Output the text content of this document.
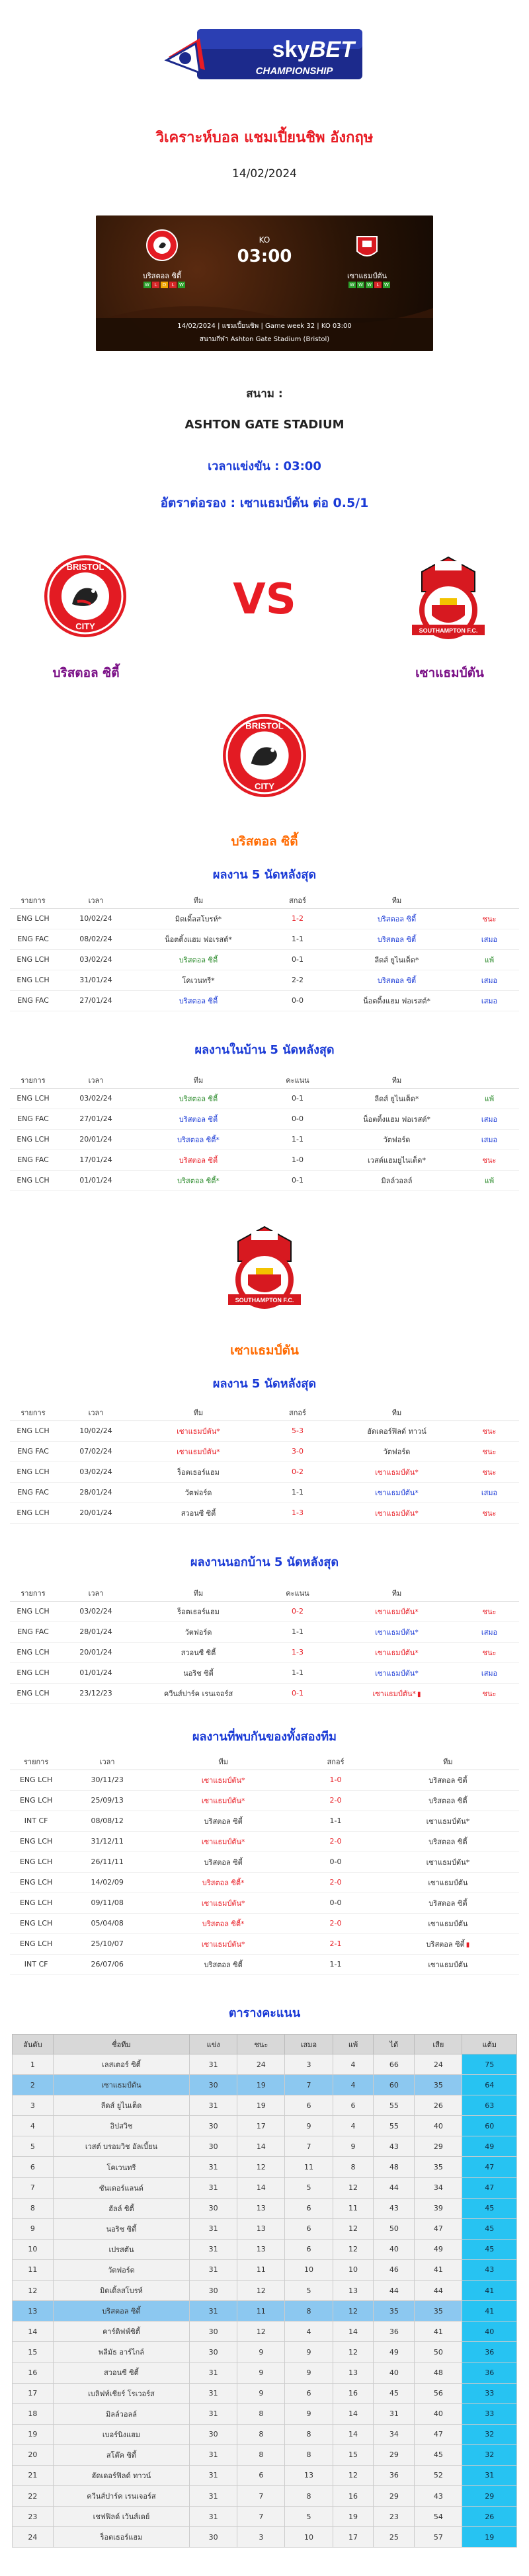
sky BET
CHAMPIONSHIP
วิเคราะห์บอล แชมเปี้ยนชิพ อังกฤษ
14/02/2024
KO
03:00
บริสตอล ซิตี้	เซาแธมป์ตัน
W	L	D	L	W	W W W	L	W
14/02/2024 | แชมเปี้ยนชิพ | Game week 32 | KO 03:00
สนามกีฬา Ashton Gate Stadium (Bristol)
สนาม :
ASHTON GATE STADIUM
เวลาแข่งขัน : 03:00
อัตราต่อรอง : เซาแธมป์ตัน ต่อ 0.5/1
BRISTOL
CITY
VS
SOUTHAMPTON F.C.
บริสตอล ซิตี้	เซาแธมป์ตัน
BRISTOL
CITY
บริสตอล ซิตี้
ผลงาน 5 นัดหลังสุด
รายการ	เวลา	ทีม	สกอร์	ทีม	
ENG LCH	10/02/24	มิดเดิ้ลสโบรห์*	1-2	บริสตอล ซิตี้	ชนะ
ENG FAC	08/02/24	น็อตติ้งแฮม ฟอเรสต์*	1-1	บริสตอล ซิตี้	เสมอ
ENG LCH	03/02/24	บริสตอล ซิตี้	0-1	ลีดส์ ยูไนเต็ด*	แพ้
ENG LCH	31/01/24	โคเวนทรี*	2-2	บริสตอล ซิตี้	เสมอ
ENG FAC	27/01/24	บริสตอล ซิตี้	0-0	น็อตติ้งแฮม ฟอเรสต์*	เสมอ
ผลงานในบ้าน 5 นัดหลังสุด
รายการ	เวลา	ทีม	คะแนน	ทีม	
ENG LCH	03/02/24	บริสตอล ซิตี้	0-1	ลีดส์ ยูไนเต็ด*	แพ้
ENG FAC	27/01/24	บริสตอล ซิตี้	0-0	น็อตติ้งแฮม ฟอเรสต์*	เสมอ
ENG LCH	20/01/24	บริสตอล ซิตี้*	1-1	วัตฟอร์ด	เสมอ
ENG FAC	17/01/24	บริสตอล ซิตี้	1-0	เวสต์แฮมยูไนเต็ด*	ชนะ
ENG LCH	01/01/24	บริสตอล ซิตี้*	0-1	มิลล์วอลล์	แพ้
SOUTHAMPTON F.C.
เซาแธมป์ตัน
ผลงาน 5 นัดหลังสุด
รายการ	เวลา	ทีม	สกอร์	ทีม	
ENG LCH	10/02/24	เซาแธมป์ตัน*	5-3	ฮัดเดอร์ฟิลด์ ทาวน์	ชนะ
ENG FAC	07/02/24	เซาแธมป์ตัน*	3-0	วัตฟอร์ด	ชนะ
ENG LCH	03/02/24	ร็อตเธอร์แฮม	0-2	เซาแธมป์ตัน*	ชนะ
ENG FAC	28/01/24	วัตฟอร์ด	1-1	เซาแธมป์ตัน*	เสมอ
ENG LCH	20/01/24	สวอนซี ซิตี้	1-3	เซาแธมป์ตัน*	ชนะ
ผลงานนอกบ้าน 5 นัดหลังสุด
รายการ	เวลา	ทีม	คะแนน	ทีม	
ENG LCH	03/02/24	ร็อตเธอร์แฮม	0-2	เซาแธมป์ตัน*	ชนะ
ENG FAC	28/01/24	วัตฟอร์ด	1-1	เซาแธมป์ตัน*	เสมอ
ENG LCH	20/01/24	สวอนซี ซิตี้	1-3	เซาแธมป์ตัน*	ชนะ
ENG LCH	01/01/24	นอริช ซิตี้	1-1	เซาแธมป์ตัน*	เสมอ
ENG LCH	23/12/23	ควีนส์ปาร์ค เรนเจอร์ส	0-1	เซาแธมป์ตัน* ▮	ชนะ
ผลงานที่พบกันของทั้งสองทีม
รายการ	เวลา	ทีม	สกอร์	ทีม
ENG LCH	30/11/23	เซาแธมป์ตัน*	1-0	บริสตอล ซิตี้
ENG LCH	25/09/13	เซาแธมป์ตัน*	2-0	บริสตอล ซิตี้
INT CF	08/08/12	บริสตอล ซิตี้	1-1	เซาแธมป์ตัน*
ENG LCH	31/12/11	เซาแธมป์ตัน*	2-0	บริสตอล ซิตี้
ENG LCH	26/11/11	บริสตอล ซิตี้	0-0	เซาแธมป์ตัน*
ENG LCH	14/02/09	บริสตอล ซิตี้*	2-0	เซาแธมป์ตัน
ENG LCH	09/11/08	เซาแธมป์ตัน*	0-0	บริสตอล ซิตี้
ENG LCH	05/04/08	บริสตอล ซิตี้*	2-0	เซาแธมป์ตัน
ENG LCH	25/10/07	เซาแธมป์ตัน*	2-1	บริสตอล ซิตี้ ▮
INT CF	26/07/06	บริสตอล ซิตี้	1-1	เซาแธมป์ตัน
ตารางคะแนน
อันดับ	ชื่อทีม	แข่ง	ชนะ	เสมอ	แพ้	ได้	เสีย	แต้ม
1	เลสเตอร์ ซิตี้	31	24	3	4	66	24	75
2	เซาแธมป์ตัน	30	19	7	4	60	35	64
3	ลีดส์ ยูไนเต็ด	31	19	6	6	55	26	63
4	อิปสวิช	30	17	9	4	55	40	60
5	เวสต์ บรอมวิช อัลเบี้ยน	30	14	7	9	43	29	49
6	โคเวนทรี	31	12	11	8	48	35	47
7	ซันเดอร์แลนด์	31	14	5	12	44	34	47
8	ฮัลล์ ซิตี้	30	13	6	11	43	39	45
9	นอริช ซิตี้	31	13	6	12	50	47	45
10	เปรสตัน	31	13	6	12	40	49	45
11	วัตฟอร์ด	31	11	10	10	46	41	43
12	มิดเดิ้ลสโบรห์	30	12	5	13	44	44	41
13	บริสตอล ซิตี้	31	11	8	12	35	35	41
14	คาร์ดิฟฟ์ซิตี้	30	12	4	14	36	41	40
15	พลีมัธ อาร์ไกล์	30	9	9	12	49	50	36
16	สวอนซี ซิตี้	31	9	9	13	40	48	36
17	เบลิฟท์เชียร์ โรเวอร์ส	31	9	6	16	45	56	33
18	มิลล์วอลล์	31	8	9	14	31	40	33
19	เบอร์นิงแฮม	30	8	8	14	34	47	32
20	สโต๊ค ซิตี้	31	8	8	15	29	45	32
21	ฮัดเดอร์ฟิลด์ ทาวน์	31	6	13	12	36	52	31
22	ควีนส์ปาร์ค เรนเจอร์ส	31	7	8	16	29	43	29
23	เชฟฟิลด์ เว้นส์เดย์	31	7	5	19	23	54	26
24	ร็อตเธอร์แฮม	30	3	10	17	25	57	19
